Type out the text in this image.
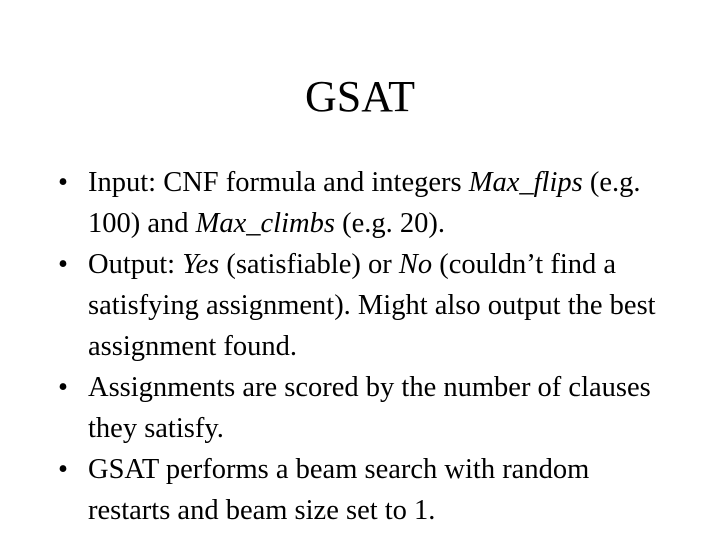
GSAT
• Input: CNF formula and integers Max_flips (e.g. 100) and Max_climbs (e.g. 20).
• Output: Yes (satisfiable) or No (couldn’t find a satisfying assignment). Might also output the best assignment found.
• Assignments are scored by the number of clauses they satisfy.
• GSAT performs a beam search with random restarts and beam size set to 1.
